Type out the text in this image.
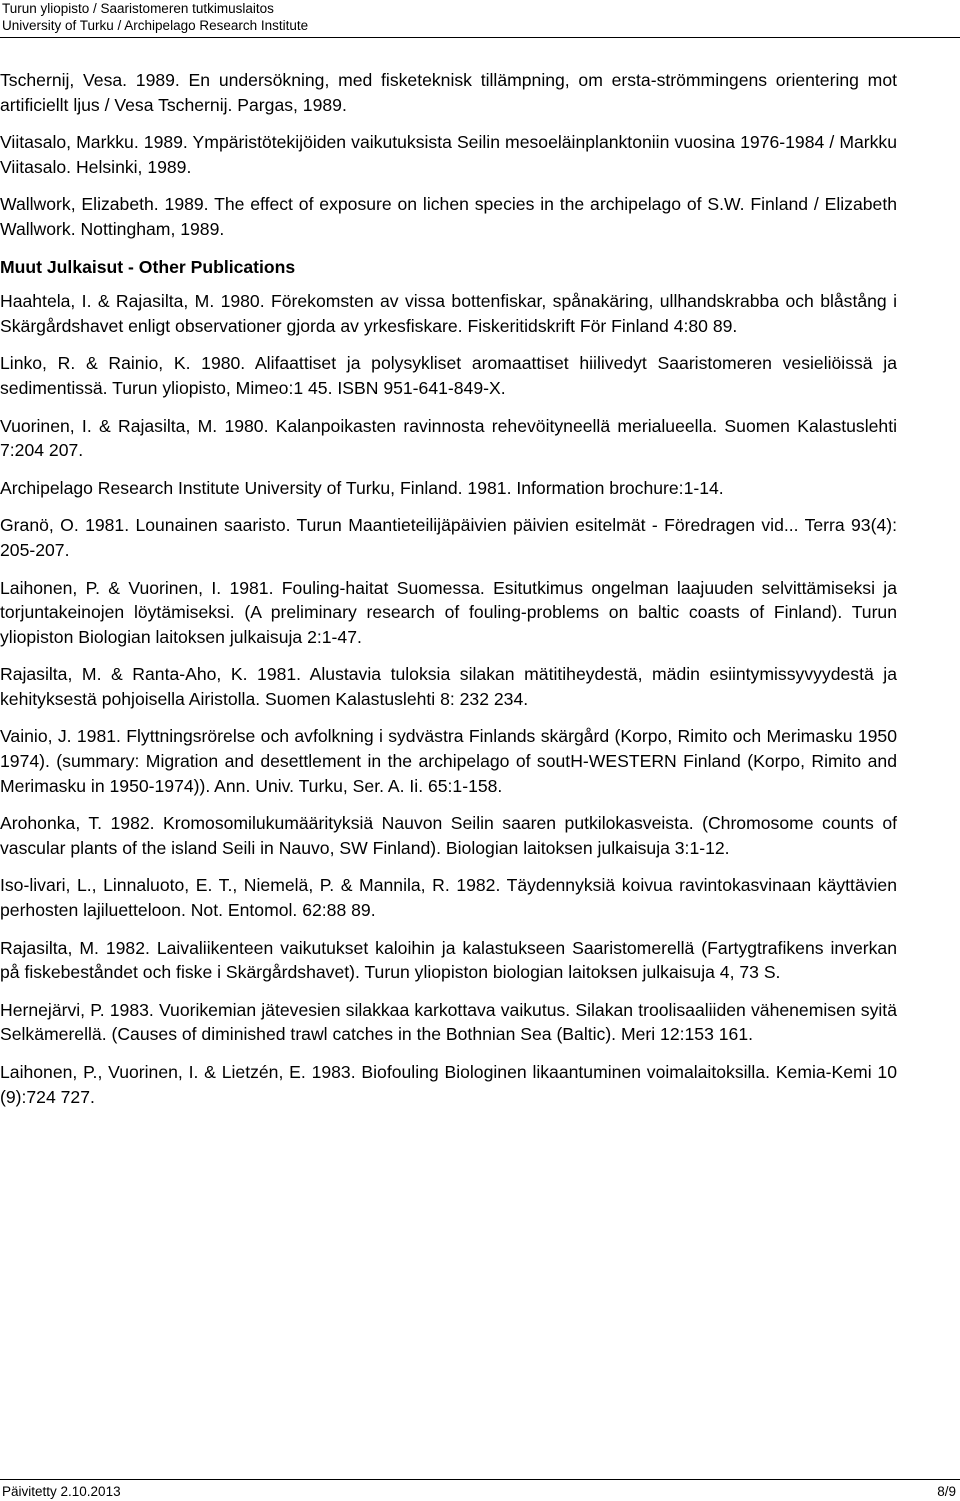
Turun yliopisto / Saaristomeren tutkimuslaitos
University of Turku / Archipelago Research Institute

Tschernij, Vesa. 1989. En undersökning, med fisketeknisk tillämpning, om ersta-strömmingens orientering mot artificiellt ljus / Vesa Tschernij. Pargas, 1989.

Viitasalo, Markku. 1989. Ympäristötekijöiden vaikutuksista Seilin mesoeläinplanktoniin vuosina 1976-1984 / Markku Viitasalo. Helsinki, 1989.

Wallwork, Elizabeth. 1989. The effect of exposure on lichen species in the archipelago of S.W. Finland / Elizabeth Wallwork. Nottingham, 1989.

Muut Julkaisut - Other Publications

Haahtela, I. & Rajasilta, M. 1980. Förekomsten av vissa bottenfiskar, spånakäring, ullhandskrabba och blåstång i Skärgårdshavet enligt observationer gjorda av yrkesfiskare. Fiskeritidskrift För Finland 4:80 89.

Linko, R. & Rainio, K. 1980. Alifaattiset ja polysykliset aromaattiset hiilivedyt Saaristomeren vesieliöissä ja sedimentissä. Turun yliopisto, Mimeo:1 45. ISBN 951-641-849-X.

Vuorinen, I. & Rajasilta, M. 1980. Kalanpoikasten ravinnosta rehevöityneellä merialueella. Suomen Kalastuslehti 7:204 207.

Archipelago Research Institute University of Turku, Finland. 1981. Information brochure:1-14.

Granö, O. 1981. Lounainen saaristo. Turun Maantieteilijäpäivien päivien esitelmät - Föredragen vid... Terra 93(4): 205-207.

Laihonen, P. & Vuorinen, I. 1981. Fouling-haitat Suomessa. Esitutkimus ongelman laajuuden selvittämiseksi ja torjuntakeinojen löytämiseksi. (A preliminary research of fouling-problems on baltic coasts of Finland). Turun yliopiston Biologian laitoksen julkaisuja 2:1-47.

Rajasilta, M. & Ranta-Aho, K. 1981. Alustavia tuloksia silakan mätitiheydestä, mädin esiintymissyvyydestä ja kehityksestä pohjoisella Airistolla. Suomen Kalastuslehti 8: 232 234.

Vainio, J. 1981. Flyttningsrörelse och avfolkning i sydvästra Finlands skärgård (Korpo, Rimito och Merimasku 1950 1974). (summary: Migration and desettlement in the archipelago of soutH-WESTERN Finland (Korpo, Rimito and Merimasku in 1950-1974)). Ann. Univ. Turku, Ser. A. Ii. 65:1-158.

Arohonka, T. 1982. Kromosomilukumäärityksiä Nauvon Seilin saaren putkilokasveista. (Chromosome counts of vascular plants of the island Seili in Nauvo, SW Finland). Biologian laitoksen julkaisuja 3:1-12.

Iso-livari, L., Linnaluoto, E. T., Niemelä, P. & Mannila, R. 1982. Täydennyksiä koivua ravintokasvinaan käyttävien perhosten lajiluetteloon. Not. Entomol. 62:88 89.

Rajasilta, M. 1982. Laivaliikenteen vaikutukset kaloihin ja kalastukseen Saaristomerellä (Fartygtrafikens inverkan på fiskebeståndet och fiske i Skärgårdshavet). Turun yliopiston biologian laitoksen julkaisuja 4, 73 S.

Hernejärvi, P. 1983. Vuorikemian jätevesien silakkaa karkottava vaikutus. Silakan troolisaaliiden vähenemisen syitä Selkämerellä. (Causes of diminished trawl catches in the Bothnian Sea (Baltic). Meri 12:153 161.

Laihonen, P., Vuorinen, I. & Lietzén, E. 1983. Biofouling Biologinen likaantuminen voimalaitoksilla. Kemia-Kemi 10 (9):724 727.

Päivitetty 2.10.2013	8/9
